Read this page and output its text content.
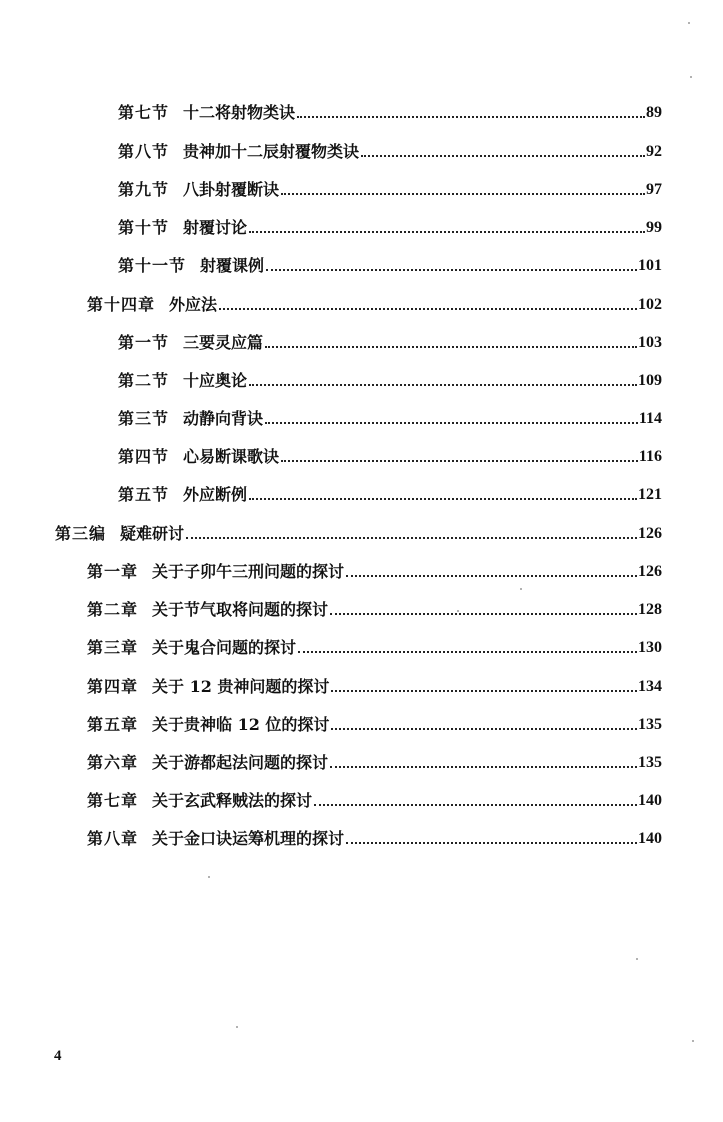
第七节 十二将射物类诀	89
第八节 贵神加十二辰射覆物类诀	92
第九节 八卦射覆断诀	97
第十节 射覆讨论	99
第十一节 射覆课例	101
第十四章 外应法	102
第一节 三要灵应篇	103
第二节 十应奥论	109
第三节 动静向背诀	114
第四节 心易断课歌诀	116
第五节 外应断例	121
第三编 疑难研讨	126
第一章 关于子卯午三刑问题的探讨	126
第二章 关于节气取将问题的探讨	128
第三章 关于鬼合问题的探讨	130
第四章 关于 12 贵神问题的探讨	134
第五章 关于贵神临 12 位的探讨	135
第六章 关于游都起法问题的探讨	135
第七章 关于玄武释贼法的探讨	140
第八章 关于金口诀运筹机理的探讨	140
4
